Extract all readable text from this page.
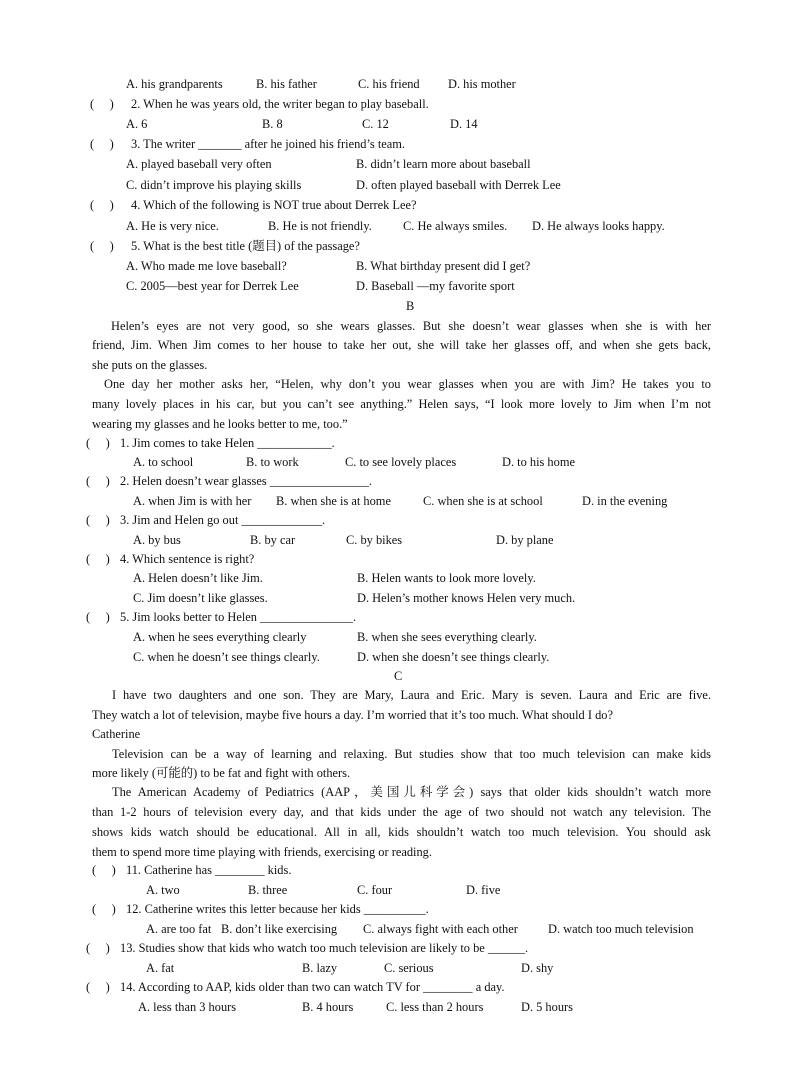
A. his grandparents	B. his father	C. his friend D. his mother
(　 ) 2. When he was years old, the writer began to play baseball.
A. 6	B. 8	C. 12	D. 14
(　 ) 3. The writer _______ after he joined his friend’s team.
A. played baseball very often	B. didn’t learn more about baseball
C. didn’t improve his playing skills	D. often played baseball with Derrek Lee
(　 ) 4. Which of the following is NOT true about Derrek Lee?
A. He is very nice.	B. He is not friendly.	C. He always smiles. D. He always looks happy.
(　 ) 5. What is the best title (题目) of the passage?
A. Who made me love baseball?	B. What birthday present did I get?
C. 2005—best year for Derrek Lee	D. Baseball —my favorite sport
B
Helen’s eyes are not very good, so she wears glasses. But she doesn’t wear glasses when she is with her
friend, Jim. When Jim comes to her house to take her out, she will take her glasses off, and when she gets back,
she puts on the glasses.
One day her mother asks her, “Helen, why don’t you wear glasses when you are with Jim? He takes you to
many lovely places in his car, but you can’t see anything.” Helen says, “I look more lovely to Jim when I’m not
wearing my glasses and he looks better to me, too.”
(　 ) 1. Jim comes to take Helen ____________.
A. to school	B. to work	C. to see lovely places	D. to his home
(　 ) 2. Helen doesn’t wear glasses ________________.
A. when Jim is with her B. when she is at home	C. when she is at school	D. in the evening
(　 ) 3. Jim and Helen go out _____________.
A. by bus	B. by car	C. by bikes	D. by plane
(　 ) 4. Which sentence is right?
A. Helen doesn’t like Jim.	B. Helen wants to look more lovely.
C. Jim doesn’t like glasses.	D. Helen’s mother knows Helen very much.
(　 ) 5. Jim looks better to Helen _______________.
A. when he sees everything clearly	B. when she sees everything clearly.
C. when he doesn’t see things clearly.	D. when she doesn’t see things clearly.
C
I have two daughters and one son. They are Mary, Laura and Eric. Mary is seven. Laura and Eric are five.
They watch a lot of television, maybe five hours a day. I’m worried that it’s too much. What should I do?
Catherine
Television can be a way of learning and relaxing. But studies show that too much television can make kids
more likely (可能的) to be fat and fight with others.
The American Academy of Pediatrics (AAP，美国儿科学会) says that older kids shouldn’t watch more
than 1-2 hours of television every day, and that kids under the age of two should not watch any television. The
shows kids watch should be educational. All in all, kids shouldn’t watch too much television. You should ask
them to spend more time playing with friends, exercising or reading.
(　 ) 11. Catherine has ________ kids.
A. two	B. three	C. four	D. five
(　 ) 12. Catherine writes this letter because her kids __________.
A. are too fat B. don’t like exercising C. always fight with each other D. watch too much television
(　 ) 13. Studies show that kids who watch too much television are likely to be ______.
A. fat	B. lazy	C. serious	D. shy
(　 ) 14. According to AAP, kids older than two can watch TV for ________ a day.
A. less than 3 hours	B. 4 hours	C. less than 2 hours	D. 5 hours
